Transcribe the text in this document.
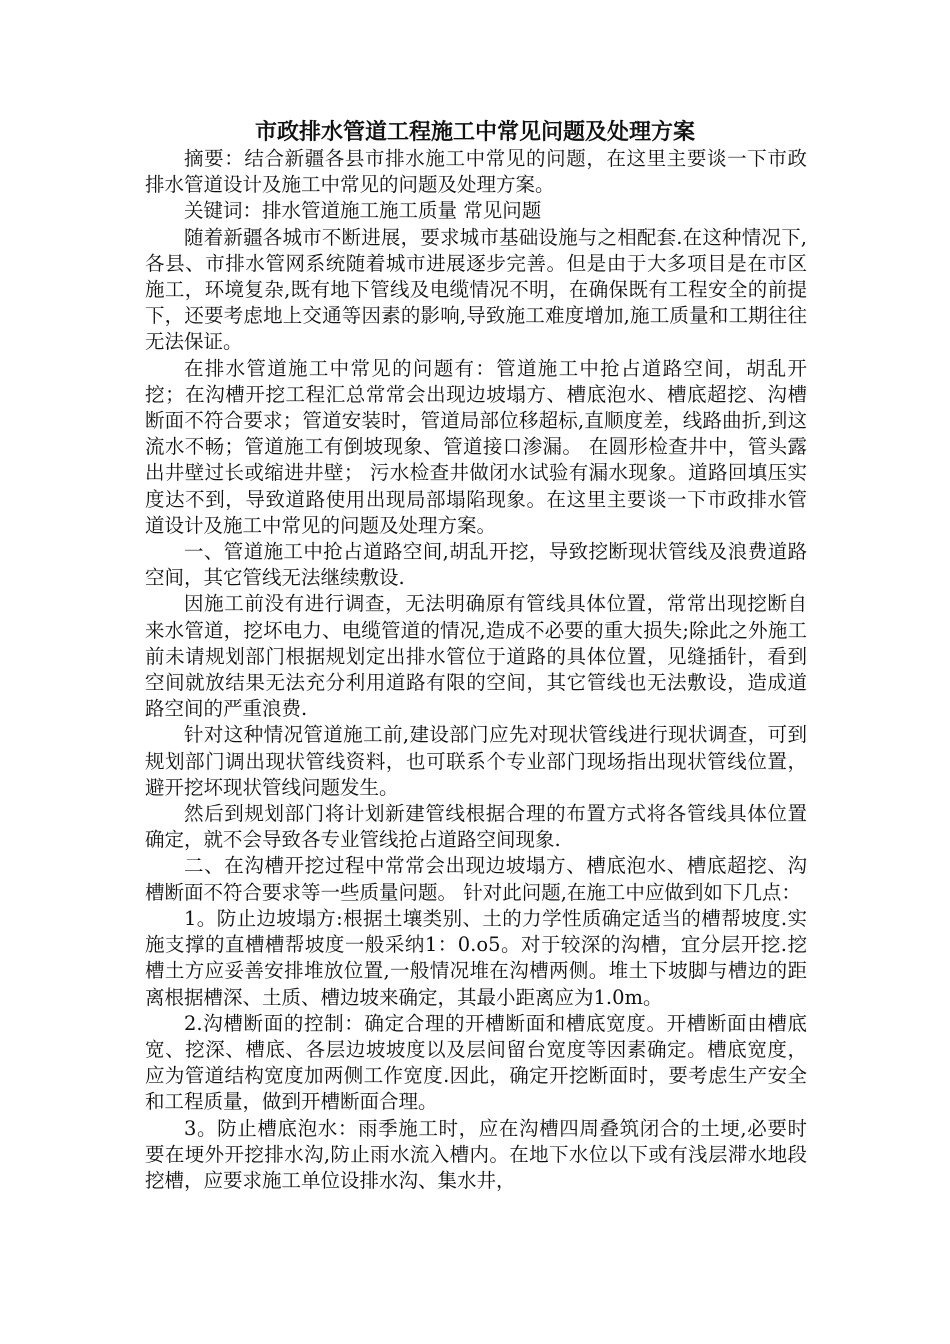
市政排水管道工程施工中常见问题及处理方案

摘要：结合新疆各县市排水施工中常见的问题，在这里主要谈一下市政排水管道设计及施工中常见的问题及处理方案。

关键词：排水管道施工施工质量 常见问题

随着新疆各城市不断进展，要求城市基础设施与之相配套.在这种情况下,各县、市排水管网系统随着城市进展逐步完善。但是由于大多项目是在市区施工，环境复杂,既有地下管线及电缆情况不明，在确保既有工程安全的前提下，还要考虑地上交通等因素的影响,导致施工难度增加,施工质量和工期往往无法保证。

在排水管道施工中常见的问题有：管道施工中抢占道路空间，胡乱开挖；在沟槽开挖工程汇总常常会出现边坡塌方、槽底泡水、槽底超挖、沟槽断面不符合要求；管道安装时，管道局部位移超标,直顺度差，线路曲折,到这流水不畅；管道施工有倒坡现象、管道接口渗漏。 在圆形检查井中，管头露出井壁过长或缩进井壁； 污水检查井做闭水试验有漏水现象。道路回填压实度达不到，导致道路使用出现局部塌陷现象。在这里主要谈一下市政排水管道设计及施工中常见的问题及处理方案。

一、管道施工中抢占道路空间,胡乱开挖，导致挖断现状管线及浪费道路空间，其它管线无法继续敷设.

因施工前没有进行调查，无法明确原有管线具体位置，常常出现挖断自来水管道，挖坏电力、电缆管道的情况,造成不必要的重大损失;除此之外施工前未请规划部门根据规划定出排水管位于道路的具体位置，见缝插针，看到空间就放结果无法充分利用道路有限的空间，其它管线也无法敷设，造成道路空间的严重浪费.

针对这种情况管道施工前,建设部门应先对现状管线进行现状调查，可到规划部门调出现状管线资料，也可联系个专业部门现场指出现状管线位置，避开挖坏现状管线问题发生。

然后到规划部门将计划新建管线根据合理的布置方式将各管线具体位置确定，就不会导致各专业管线抢占道路空间现象.

二、在沟槽开挖过程中常常会出现边坡塌方、槽底泡水、槽底超挖、沟槽断面不符合要求等一些质量问题。 针对此问题,在施工中应做到如下几点：

1。防止边坡塌方:根据土壤类别、土的力学性质确定适当的槽帮坡度.实施支撑的直槽槽帮坡度一般采纳1：0.o5。对于较深的沟槽，宜分层开挖.挖槽土方应妥善安排堆放位置,一般情况堆在沟槽两侧。堆土下坡脚与槽边的距离根据槽深、土质、槽边坡来确定，其最小距离应为1.0m。

2.沟槽断面的控制：确定合理的开槽断面和槽底宽度。开槽断面由槽底宽、挖深、槽底、各层边坡坡度以及层间留台宽度等因素确定。槽底宽度，应为管道结构宽度加两侧工作宽度.因此，确定开挖断面时，要考虑生产安全和工程质量，做到开槽断面合理。

3。防止槽底泡水：雨季施工时，应在沟槽四周叠筑闭合的土埂,必要时要在埂外开挖排水沟,防止雨水流入槽内。在地下水位以下或有浅层滞水地段挖槽，应要求施工单位设排水沟、集水井，
